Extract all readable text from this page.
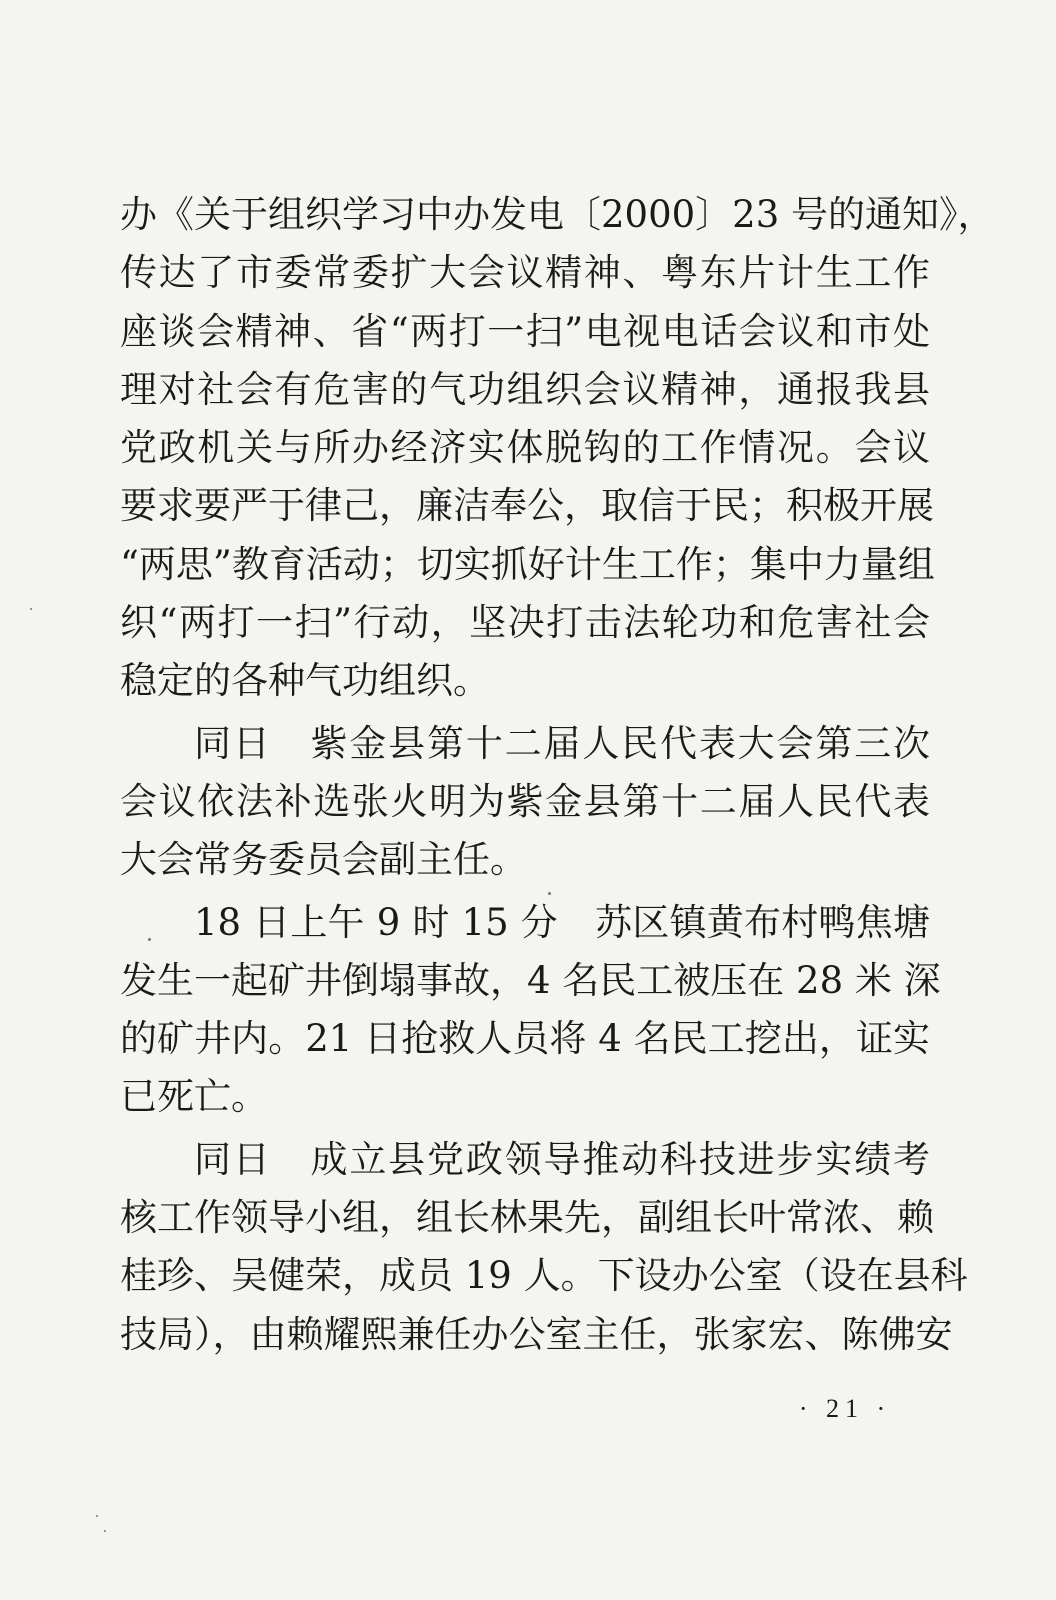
办《关于组织学习中办发电〔2000〕23 号的通知》，
传达了市委常委扩大会议精神、粤东片计生工作
座谈会精神、省“两打一扫”电视电话会议和市处
理对社会有危害的气功组织会议精神，通报我县
党政机关与所办经济实体脱钩的工作情况。会议
要求要严于律己，廉洁奉公，取信于民；积极开展
“两思”教育活动；切实抓好计生工作；集中力量组
织“两打一扫”行动，坚决打击法轮功和危害社会
稳定的各种气功组织。
同日　紫金县第十二届人民代表大会第三次
会议依法补选张火明为紫金县第十二届人民代表
大会常务委员会副主任。
18 日上午 9 时 15 分　苏区镇黄布村鸭焦塘
发生一起矿井倒塌事故，4 名民工被压在 28 米 深
的矿井内。21 日抢救人员将 4 名民工挖出，证实
已死亡。
同日　成立县党政领导推动科技进步实绩考
核工作领导小组，组长林果先，副组长叶常浓、赖
桂珍、吴健荣，成员 19 人。下设办公室（设在县科
技局），由赖耀熙兼任办公室主任，张家宏、陈佛安
· 21 ·
